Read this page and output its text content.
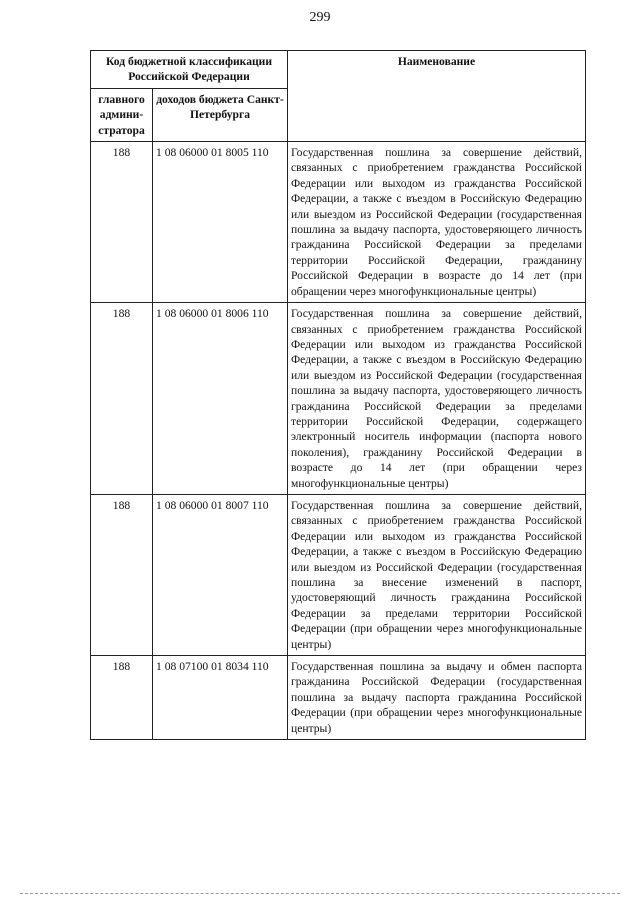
299
Код бюджетной классификации Российской Федерации		Наименование
главного админи-стратора	доходов бюджета Санкт-Петербурга	
188	1 08 06000 01 8005 110	Государственная пошлина за совершение действий, связанных с приобретением гражданства Российской Федерации или выходом из гражданства Российской Федерации, а также с въездом в Российскую Федерацию или выездом из Российской Федерации (государственная пошлина за выдачу паспорта, удостоверяющего личность гражданина Российской Федерации за пределами территории Российской Федерации, гражданину Российской Федерации в возрасте до 14 лет (при обращении через многофункциональные центры)
188	1 08 06000 01 8006 110	Государственная пошлина за совершение действий, связанных с приобретением гражданства Российской Федерации или выходом из гражданства Российской Федерации, а также с въездом в Российскую Федерацию или выездом из Российской Федерации (государственная пошлина за выдачу паспорта, удостоверяющего личность гражданина Российской Федерации за пределами территории Российской Федерации, содержащего электронный носитель информации (паспорта нового поколения), гражданину Российской Федерации в возрасте до 14 лет (при обращении через многофункциональные центры)
188	1 08 06000 01 8007 110	Государственная пошлина за совершение действий, связанных с приобретением гражданства Российской Федерации или выходом из гражданства Российской Федерации, а также с въездом в Российскую Федерацию или выездом из Российской Федерации (государственная пошлина за внесение изменений в паспорт, удостоверяющий личность гражданина Российской Федерации за пределами территории Российской Федерации (при обращении через многофункциональные центры)
188	1 08 07100 01 8034 110	Государственная пошлина за выдачу и обмен паспорта гражданина Российской Федерации (государственная пошлина за выдачу паспорта гражданина Российской Федерации (при обращении через многофункциональные центры)
